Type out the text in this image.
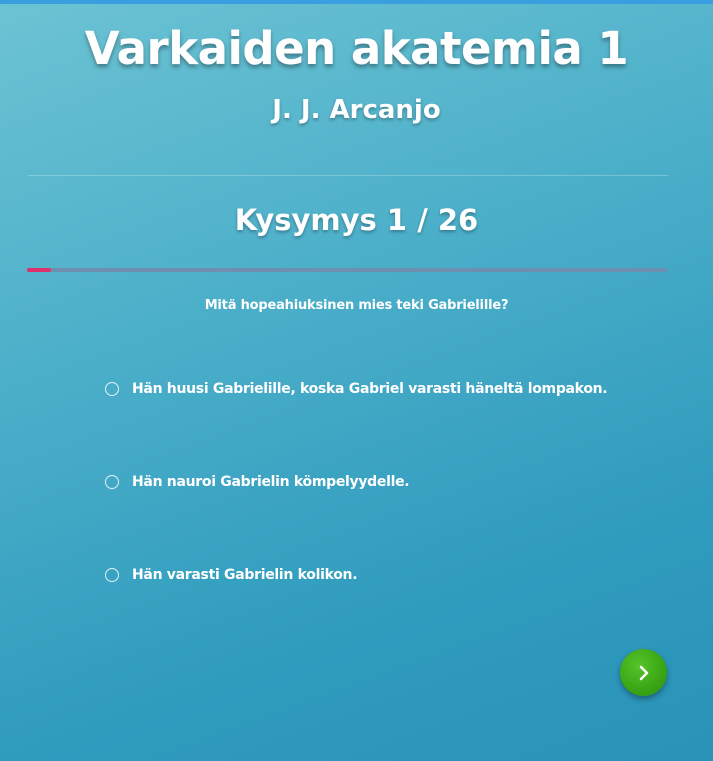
Varkaiden akatemia 1
J. J. Arcanjo
Kysymys 1 / 26
Mitä hopeahiuksinen mies teki Gabrielille?
Hän huusi Gabrielille, koska Gabriel varasti häneltä lompakon.
Hän nauroi Gabrielin kömpelyydelle.
Hän varasti Gabrielin kolikon.
